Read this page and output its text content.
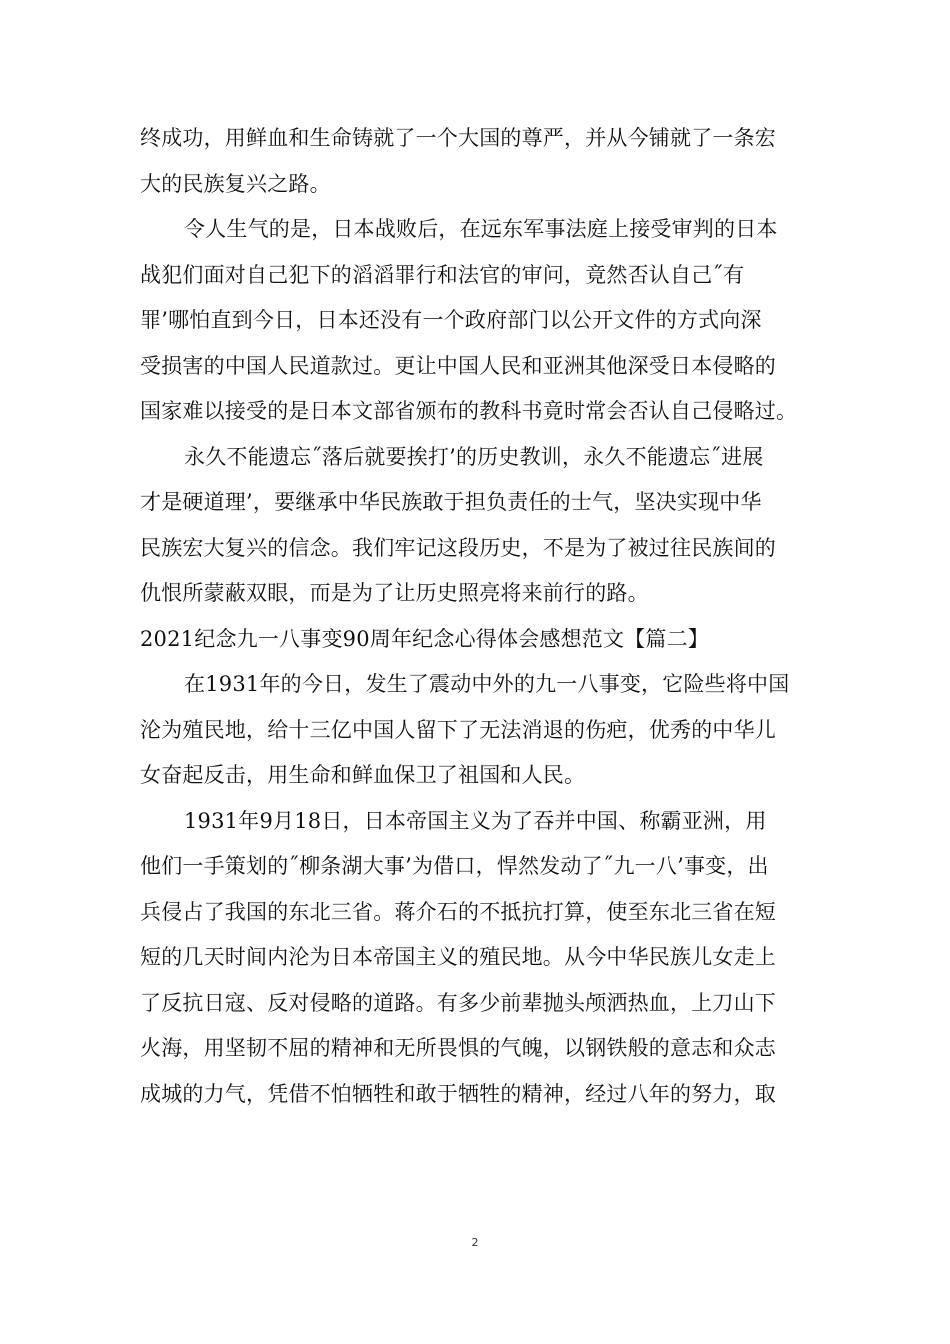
终成功，用鲜血和生命铸就了一个大国的尊严，并从今铺就了一条宏
大的民族复兴之路。
令人生气的是，日本战败后，在远东军事法庭上接受审判的日本
战犯们面对自己犯下的滔滔罪行和法官的审问，竟然否认自己˝有
罪’哪怕直到今日，日本还没有一个政府部门以公开文件的方式向深
受损害的中国人民道款过。更让中国人民和亚洲其他深受日本侵略的
国家难以接受的是日本文部省颁布的教科书竟时常会否认自己侵略过。
永久不能遗忘˝落后就要挨打’的历史教训，永久不能遗忘˝进展
才是硬道理’，要继承中华民族敢于担负责任的士气，坚决实现中华
民族宏大复兴的信念。我们牢记这段历史，不是为了被过往民族间的
仇恨所蒙蔽双眼，而是为了让历史照亮将来前行的路。
2021纪念九一八事变90周年纪念心得体会感想范文【篇二】
在1931年的今日，发生了震动中外的九一八事变，它险些将中国
沦为殖民地，给十三亿中国人留下了无法消退的伤疤，优秀的中华儿
女奋起反击，用生命和鲜血保卫了祖国和人民。
1931年9月18日，日本帝国主义为了吞并中国、称霸亚洲，用
他们一手策划的˝柳条湖大事’为借口，悍然发动了˝九一八’事变，出
兵侵占了我国的东北三省。蒋介石的不抵抗打算，使至东北三省在短
短的几天时间内沦为日本帝国主义的殖民地。从今中华民族儿女走上
了反抗日寇、反对侵略的道路。有多少前辈抛头颅洒热血，上刀山下
火海，用坚韧不屈的精神和无所畏惧的气魄，以钢铁般的意志和众志
成城的力气，凭借不怕牺牲和敢于牺牲的精神，经过八年的努力，取
2
